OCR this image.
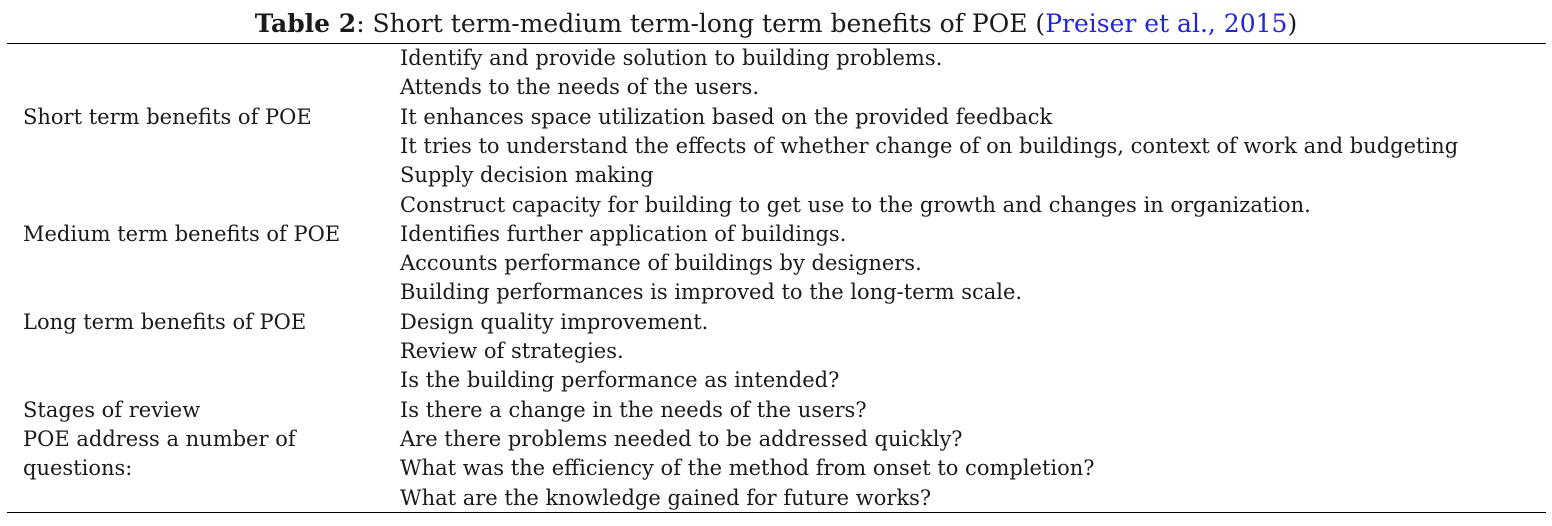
Table 2: Short term-medium term-long term benefits of POE (Preiser et al., 2015)
Short term benefits of POE
Medium term benefits of POE
Long term benefits of POE
Stages of review
POE address a number of questions:
Identify and provide solution to building problems.
Attends to the needs of the users.
It enhances space utilization based on the provided feedback
It tries to understand the effects of whether change of on buildings, context of work and budgeting Supply decision making
Construct capacity for building to get use to the growth and changes in organization.
Identifies further application of buildings.
Accounts performance of buildings by designers.
Building performances is improved to the long-term scale.
Design quality improvement.
Review of strategies.
Is the building performance as intended?
Is there a change in the needs of the users?
Are there problems needed to be addressed quickly?
What was the efficiency of the method from onset to completion?
What are the knowledge gained for future works?
